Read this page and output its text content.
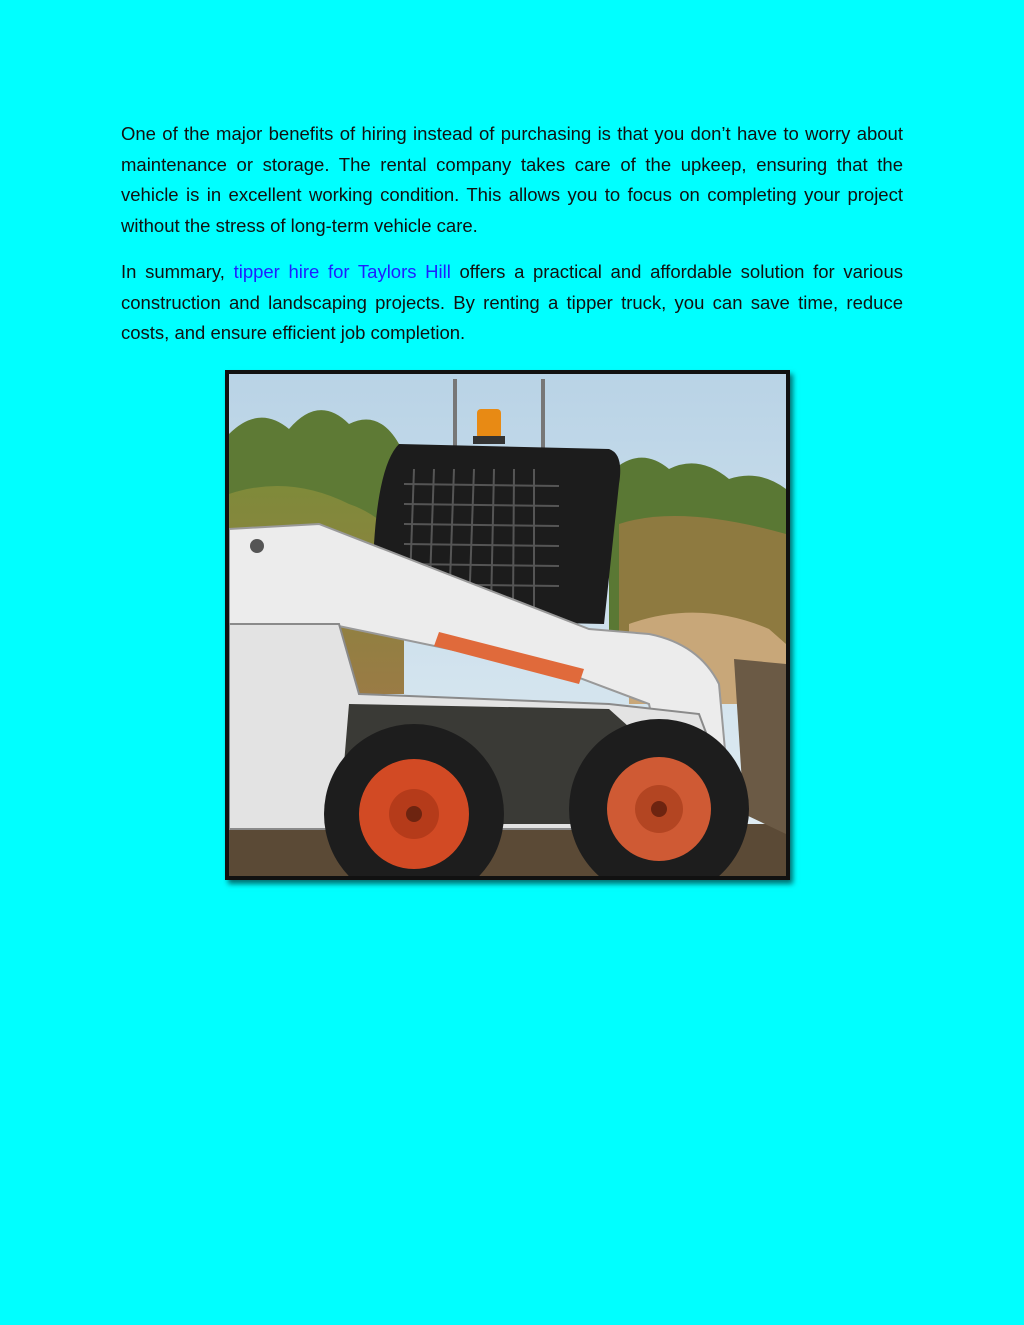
One of the major benefits of hiring instead of purchasing is that you don’t have to worry about maintenance or storage. The rental company takes care of the upkeep, ensuring that the vehicle is in excellent working condition. This allows you to focus on completing your project without the stress of long-term vehicle care.

In summary, tipper hire for Taylors Hill offers a practical and affordable solution for various construction and landscaping projects. By renting a tipper truck, you can save time, reduce costs, and ensure efficient job completion.
